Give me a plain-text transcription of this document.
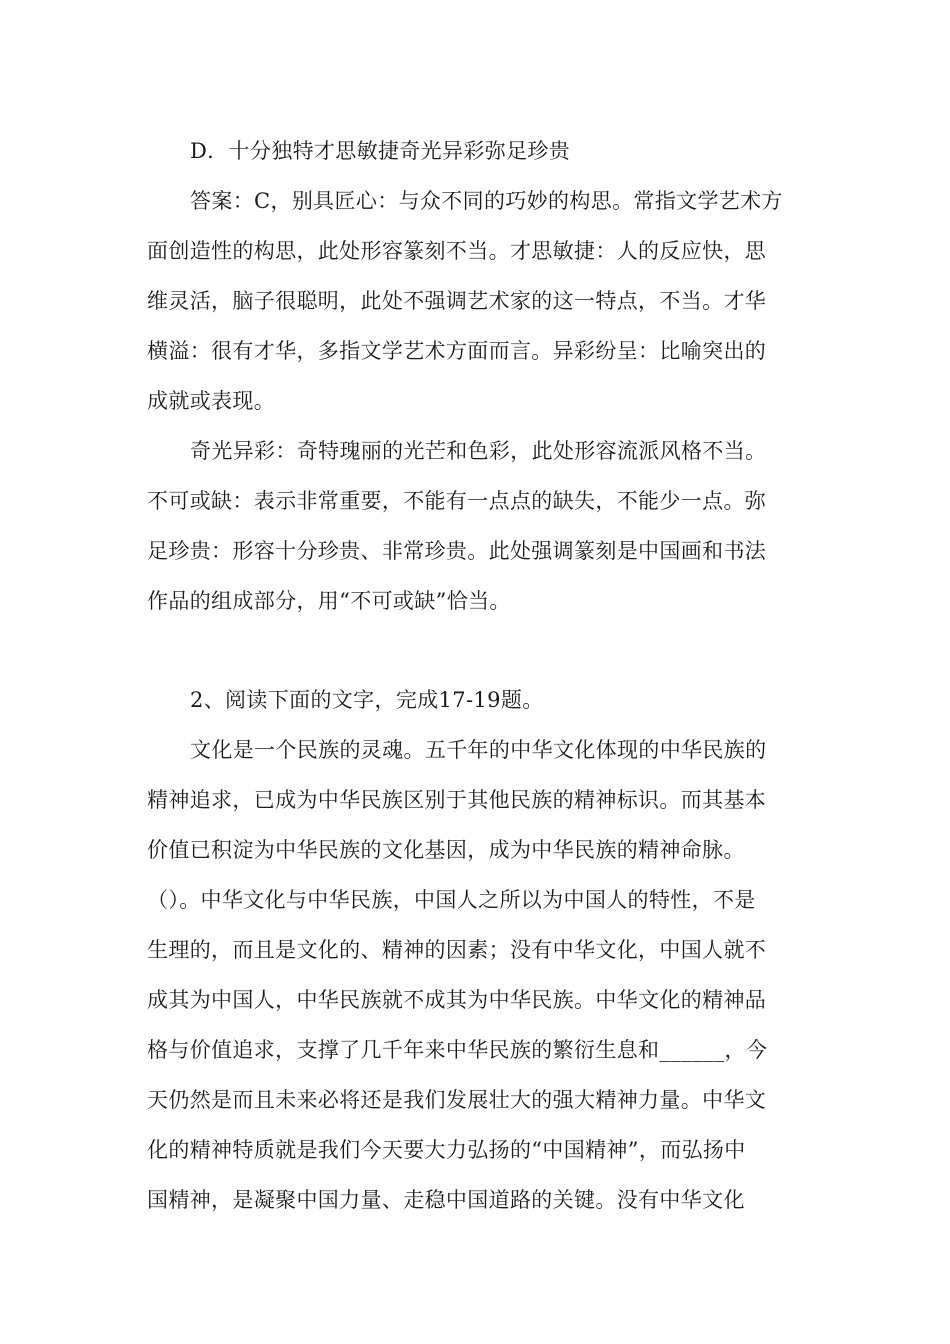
D．十分独特才思敏捷奇光异彩弥足珍贵
答案：C，别具匠心：与众不同的巧妙的构思。常指文学艺术方
面创造性的构思，此处形容篆刻不当。才思敏捷：人的反应快，思
维灵活，脑子很聪明，此处不强调艺术家的这一特点，不当。才华
横溢：很有才华，多指文学艺术方面而言。异彩纷呈：比喻突出的
成就或表现。
奇光异彩：奇特瑰丽的光芒和色彩，此处形容流派风格不当。
不可或缺：表示非常重要，不能有一点点的缺失，不能少一点。弥
足珍贵：形容十分珍贵、非常珍贵。此处强调篆刻是中国画和书法
作品的组成部分，用“不可或缺”恰当。
2、阅读下面的文字，完成17-19题。
文化是一个民族的灵魂。五千年的中华文化体现的中华民族的
精神追求，已成为中华民族区别于其他民族的精神标识。而其基本
价值已积淀为中华民族的文化基因，成为中华民族的精神命脉。
（）。中华文化与中华民族，中国人之所以为中国人的特性，不是
生理的，而且是文化的、精神的因素；没有中华文化，中国人就不
成其为中国人，中华民族就不成其为中华民族。中华文化的精神品
格与价值追求，支撑了几千年来中华民族的繁衍生息和______，今
天仍然是而且未来必将还是我们发展壮大的强大精神力量。中华文
化的精神特质就是我们今天要大力弘扬的“中国精神”，而弘扬中
国精神，是凝聚中国力量、走稳中国道路的关键。没有中华文化
